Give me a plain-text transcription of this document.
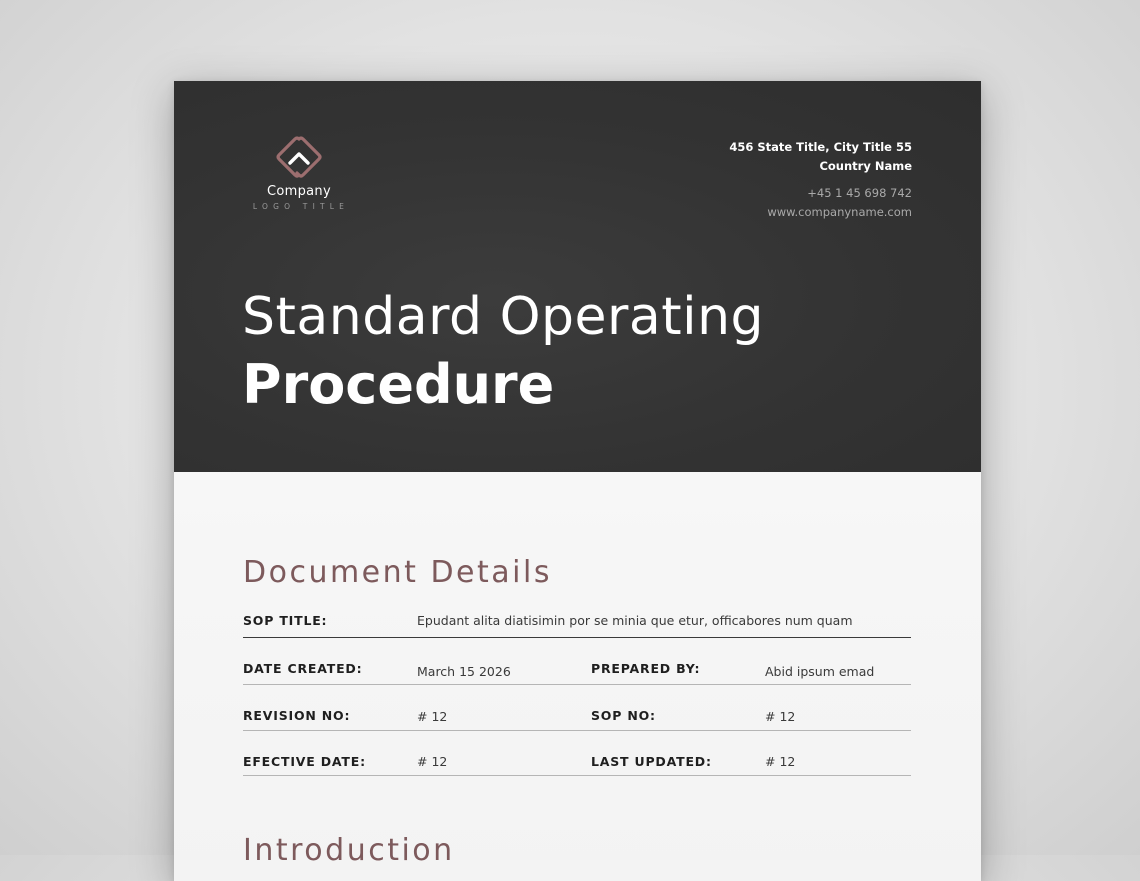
Company
LOGO TITLE
456 State Title, City Title 55
Country Name
+45 1 45 698 742
www.companyname.com
Standard Operating
Procedure
Document Details
SOP TITLE:	Epudant alita diatisimin por se minia que etur, officabores num quam
DATE CREATED:	March 15 2026	PREPARED BY:	Abid ipsum emad
REVISION NO:	# 12	SOP NO:	# 12
EFECTIVE DATE:	# 12	LAST UPDATED:	# 12
Introduction
